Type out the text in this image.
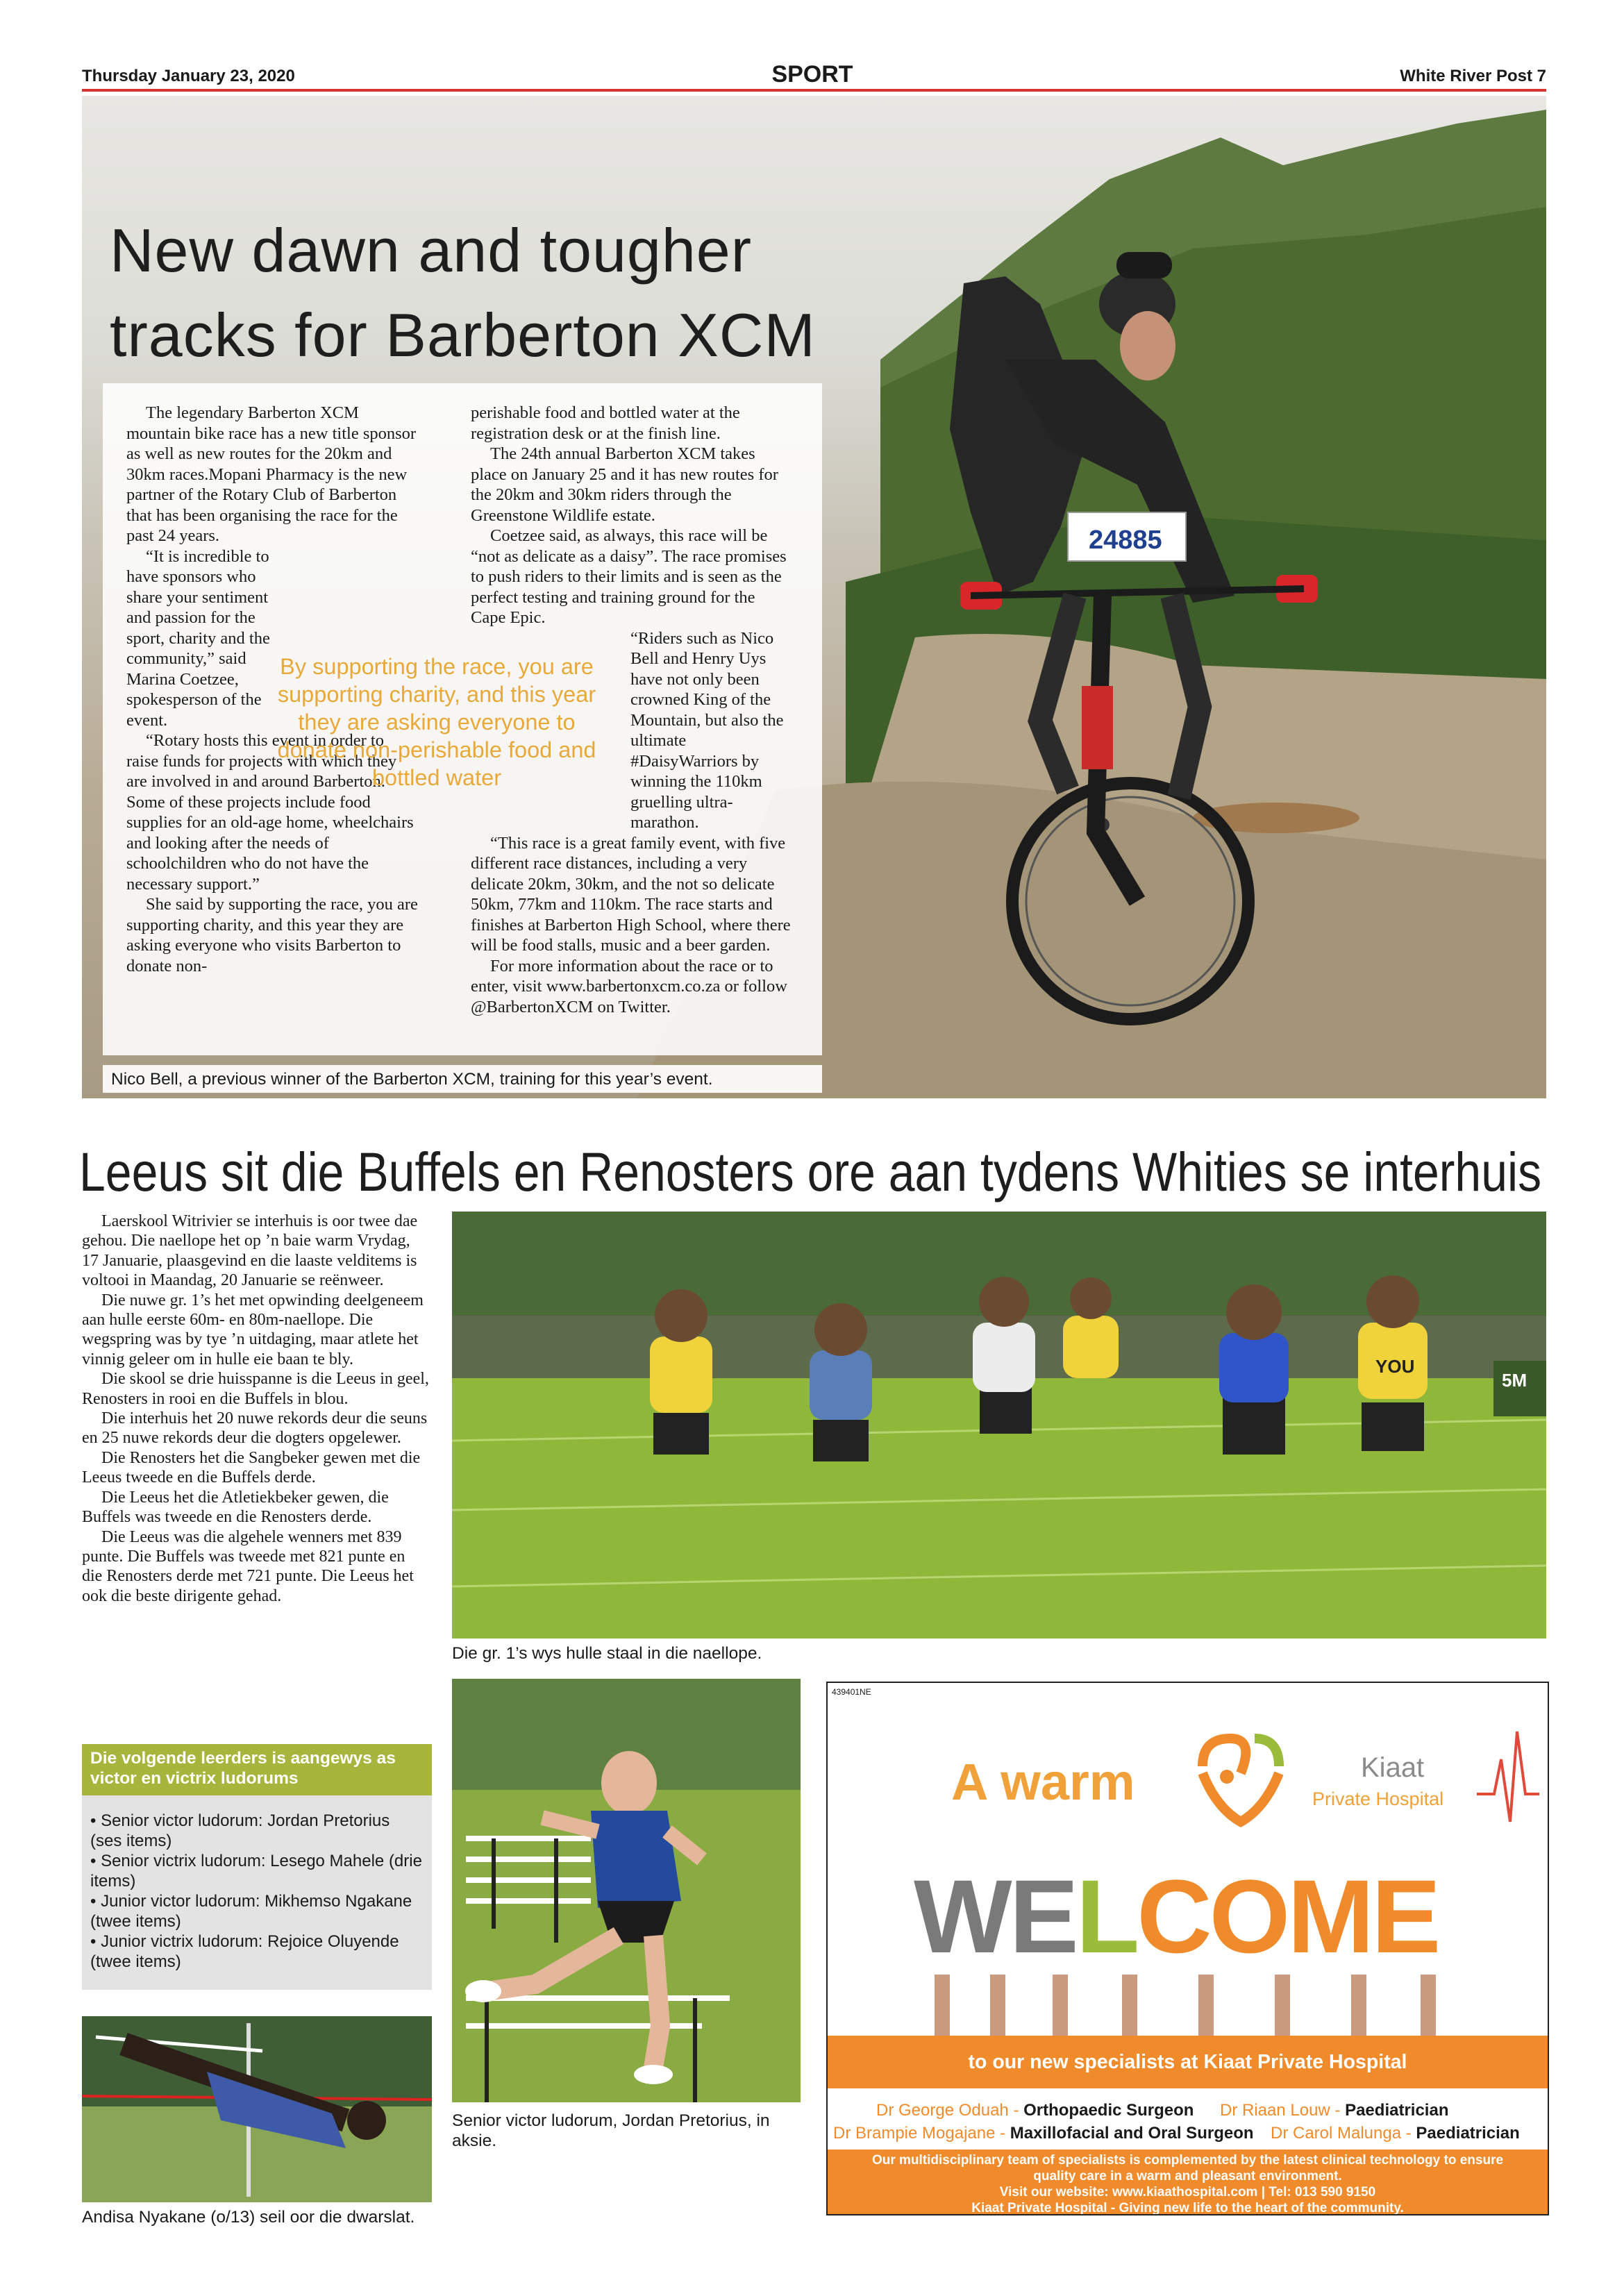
Thursday January 23, 2020	SPORT	White River Post 7
24885
New dawn and tougher
tracks for Barberton XCM

The legendary Barberton XCM mountain bike race has a new title sponsor as well as new routes for the 20km and 30km races.Mopani Pharmacy is the new partner of the Rotary Club of Barberton that has been organising the race for the past 24 years.

“It is incredible to have sponsors who share your sentiment and passion for the sport, charity and the community,” said Marina Coetzee, spokesperson of the event.

“Rotary hosts this event in order to raise funds for projects with which they are involved in and around Barberton. Some of these projects include food supplies for an old-age home, wheelchairs and looking after the needs of schoolchildren who do not have the necessary support.”

She said by supporting the race, you are supporting charity, and this year they are asking everyone who visits Barberton to donate non-

perishable food and bottled water at the registration desk or at the finish line.

The 24th annual Barberton XCM takes place on January 25 and it has new routes for the 20km and 30km riders through the Greenstone Wildlife estate.

Coetzee said, as always, this race will be “not as delicate as a daisy”. The race promises to push riders to their limits and is seen as the perfect testing and training ground for the Cape Epic.

“Riders such as Nico Bell and Henry Uys have not only been crowned King of the Mountain, but also the ultimate #DaisyWarriors by winning the 110km gruelling ultra-marathon.

“This race is a great family event, with five different race distances, including a very delicate 20km, 30km, and the not so delicate 50km, 77km and 110km. The race starts and finishes at Barberton High School, where there will be food stalls, music and a beer garden.

For more information about the race or to enter, visit www.barbertonxcm.co.za or follow @BarbertonXCM on Twitter.

By supporting the race, you are supporting charity, and this year they are asking everyone to donate non-perishable food and bottled water
Nico Bell, a previous winner of the Barberton XCM, training for this year’s event.
Leeus sit die Buffels en Renosters ore aan tydens Whities se interhuis

Laerskool Witrivier se interhuis is oor twee dae gehou. Die naellope het op ’n baie warm Vrydag, 17 Januarie, plaasgevind en die laaste velditems is voltooi in Maandag, 20 Januarie se reënweer.

Die nuwe gr. 1’s het met opwinding deelgeneem aan hulle eerste 60m- en 80m-naellope. Die wegspring was by tye ’n uitdaging, maar atlete het vinnig geleer om in hulle eie baan te bly.

Die skool se drie huisspanne is die Leeus in geel, Renosters in rooi en die Buffels in blou.

Die interhuis het 20 nuwe rekords deur die seuns en 25 nuwe rekords deur die dogters opgelewer.

Die Renosters het die Sangbeker gewen met die Leeus tweede en die Buffels derde.

Die Leeus het die Atletiekbeker gewen, die Buffels was tweede en die Renosters derde.

Die Leeus was die algehele wenners met 839 punte. Die Buffels was tweede met 821 punte en die Renosters derde met 721 punte. Die Leeus het ook die beste dirigente gehad.

Die volgende leerders is aangewys as victor en victrix ludorums
• Senior victor ludorum: Jordan Pretorius (ses items)
• Senior victrix ludorum: Lesego Mahele (drie items)
• Junior victor ludorum: Mikhemso Ngakane (twee items)
• Junior victrix ludorum: Rejoice Oluyende (twee items)
5M
YOU
Die gr. 1’s wys hulle staal in die naellope.
Senior victor ludorum, Jordan Pretorius, in aksie.
Andisa Nyakane (o/13) seil oor die dwarslat.
439401NE
A warm	Kiaat
Private Hospital
WELCOME
to our new specialists at Kiaat Private Hospital
Dr George Oduah - Orthopaedic Surgeon Dr Riaan Louw - Paediatrician
Dr Brampie Mogajane - Maxillofacial and Oral Surgeon Dr Carol Malunga - Paediatrician
Our multidisciplinary team of specialists is complemented by the latest clinical technology to ensure
quality care in a warm and pleasant environment.
Visit our website: www.kiaathospital.com | Tel: 013 590 9150
Kiaat Private Hospital - Giving new life to the heart of the community.
